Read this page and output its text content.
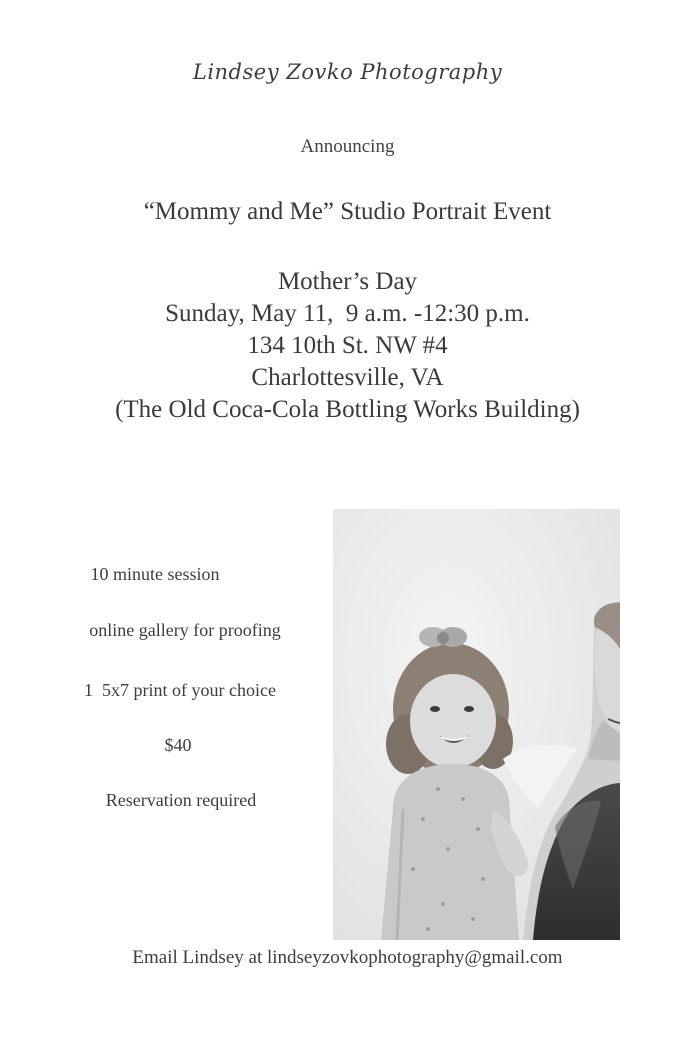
Lindsey Zovko Photography
Announcing
“Mommy and Me” Studio Portrait Event
Mother’s Day
Sunday, May 11,  9 a.m. -12:30 p.m.
134 10th St. NW #4
Charlottesville, VA
(The Old Coca-Cola Bottling Works Building)
10 minute session
online gallery for proofing
1  5x7 print of your choice
$40
Reservation required
Email Lindsey at lindseyzovkophotography@gmail.com
